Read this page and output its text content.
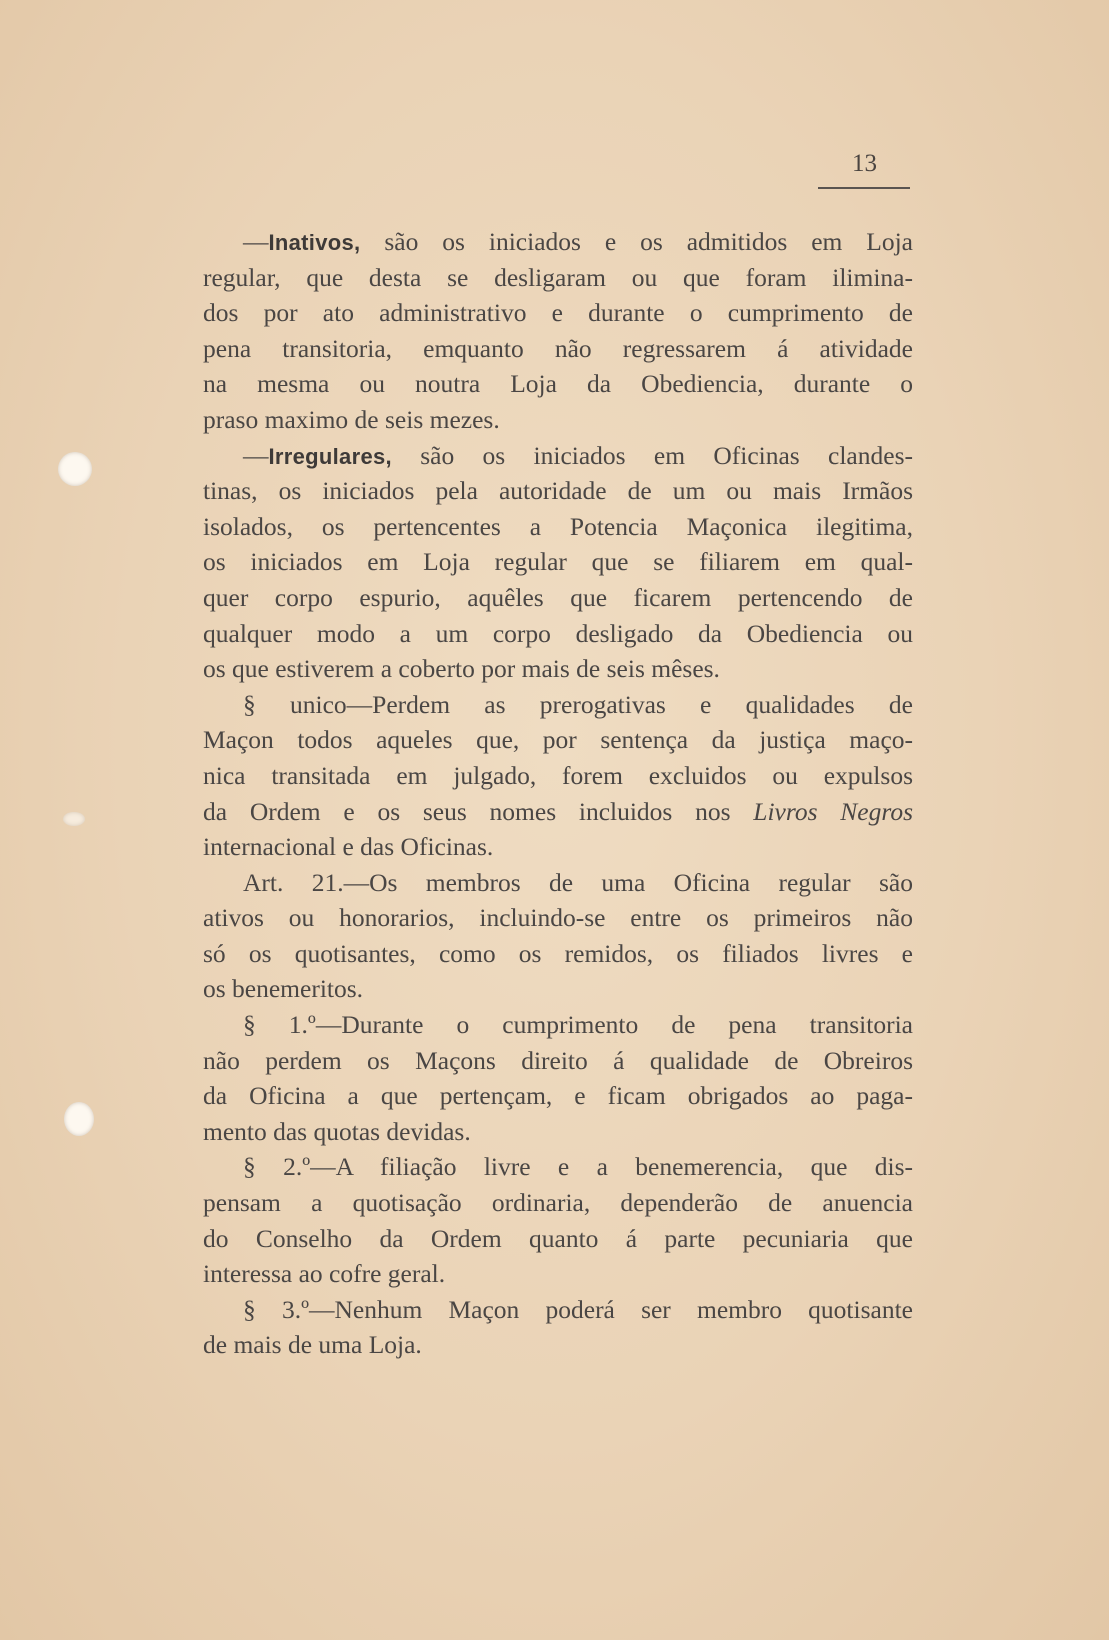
13
—Inativos, são os iniciados e os admitidos em Loja
regular, que desta se desligaram ou que foram ilimina-
dos por ato administrativo e durante o cumprimento de
pena transitoria, emquanto não regressarem á atividade
na mesma ou noutra Loja da Obediencia, durante o
praso maximo de seis mezes.
—Irregulares, são os iniciados em Oficinas clandes-
tinas, os iniciados pela autoridade de um ou mais Irmãos
isolados, os pertencentes a Potencia Maçonica ilegitima,
os iniciados em Loja regular que se filiarem em qual-
quer corpo espurio, aquêles que ficarem pertencendo de
qualquer modo a um corpo desligado da Obediencia ou
os que estiverem a coberto por mais de seis mêses.
§ unico—Perdem as prerogativas e qualidades de
Maçon todos aqueles que, por sentença da justiça maço-
nica transitada em julgado, forem excluidos ou expulsos
da Ordem e os seus nomes incluidos nos Livros Negros
internacional e das Oficinas.
Art. 21.—Os membros de uma Oficina regular são
ativos ou honorarios, incluindo-se entre os primeiros não
só os quotisantes, como os remidos, os filiados livres e
os benemeritos.
§ 1.º—Durante o cumprimento de pena transitoria
não perdem os Maçons direito á qualidade de Obreiros
da Oficina a que pertençam, e ficam obrigados ao paga-
mento das quotas devidas.
§ 2.º—A filiação livre e a benemerencia, que dis-
pensam a quotisação ordinaria, dependerão de anuencia
do Conselho da Ordem quanto á parte pecuniaria que
interessa ao cofre geral.
§ 3.º—Nenhum Maçon poderá ser membro quotisante
de mais de uma Loja.
